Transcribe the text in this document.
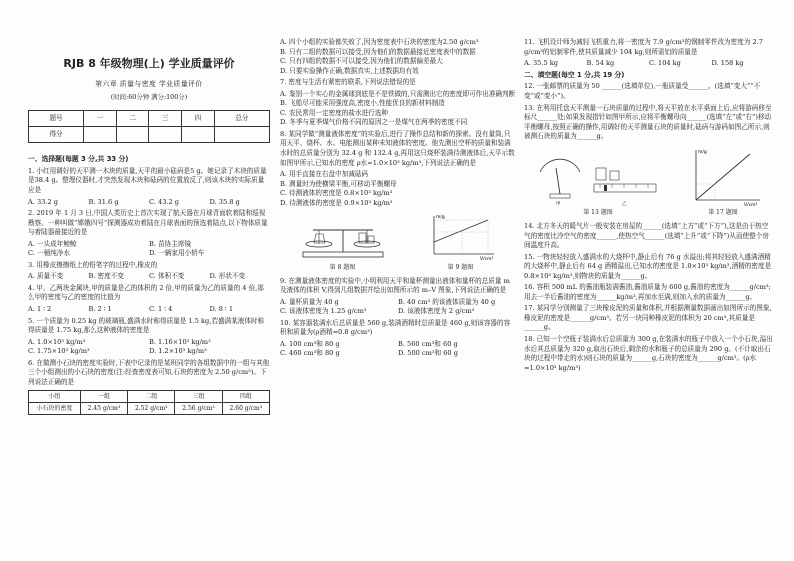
RJB 8 年级物理(上) 学业质量评价
第六章 质量与密度 学业质量评价
(时间:60分钟 满分:100分)
题号	一	二	三	四	总分
得分					
一、选择题(每题 3 分,共 33 分)
1. 小红用调好的天平测一木块的质量,天平的最小砝码是5 g。她记录了木块的质量是38.4 g。整理仪器时,才突然发现木块和砝码的位置放反了,则该木块的实际质量应是
A. 33.2 g	B. 31.6 g	C. 43.2 g	D. 35.8 g
2. 2019 年 1 月 3 日,中国人类历史上首次实现了航天器在月球背面软着陆和巡视勘察。一种叫做“嫦娥四号”探测器成功着陆在月球表面的预选着陆点,以下物体质量与着陆器最接近的是
A. 一头成年鲸鲸	B. 苗协主席镜
C. 一桶纯净水	D. 一辆家用小轿车
3. 用橡皮擦擦纸上的铅笔字的过程中,橡皮的
A. 质量不变	B. 密度不变	C. 体积不变	D. 形状不变
4. 甲、乙两块金属块,甲的质量是乙的体积的 2 倍,甲的质量为乙的质量的 4 倍,那么甲的密度与乙的密度的比值为
A. 1 ∶ 2	B. 2 ∶ 1	C. 1 ∶ 4	D. 8 ∶ 1
5. 一个质量为 0.25 kg 的玻璃瓶,盛满水时称得质量是 1.5 kg,若盛满某液体时称得质量是 1.75 kg,那么这种液体的密度是
A. 1.0×10³ kg/m³	B. 1.16×10³ kg/m³
C. 1.75×10³ kg/m³	D. 1.2×10³ kg/m³
6. 在做测小石块的密度实验时,下表中记录的是某班同学的各组数据中的一组与其他三个小组测出的小石块的密度(注:经查密度表可知,石块的密度为 2.50 g/cm³)。下列说法正确的是
小组	一组	二组	三组	四组
小石块的密度	2.45 g/cm³	2.52 g/cm³	2.56 g/cm³	2.60 g/cm³
A. 四个小组的实验都失败了,因为密度表中石块的密度为2.50 g/cm³
B. 只有二组的数据可以接受,因为他们的数据最接近密度表中的数据
C. 只有四组的数据不可以接受,因为他们的数据偏差最大
D. 只要实验操作正确,数据真实,上述数据均有效
7. 密度与生活有紧密的联系,下列说法错误的是
A. 鉴别一个实心的金属球到底是不是铁做的,只需测出它的密度即可作出准确判断
B. 飞船尽可能采用强度高,密度小,性能优良的新材料制造
C. 农民常用一定密度的盐水进行选种
D. 冬季与夏季煤气价格不同的原因之一是煤气在两季的密度不同
8. 某同学做“测量液体密度”的实验后,进行了操作总结和新的探索。没有量筒,只用天平、烧杯、水、电能测出某种未知液体的密度。他先测出空杯的质量和装满水时的总质量分别为 32.4 g 和 132.4 g,再用这只烧杯装满待测液体后,天平示数如图甲所示,已知水的密度 ρ水=1.0×10³ kg/m³,下列说法正确的是
A. 用手直接在右盘中加减砝码
B. 测量时为使横梁平衡,可移动平衡螺母
C. 待测液体的密度是 0.8×10³ kg/m³
D. 待测液体的密度是 0.9×10³ kg/m³
第 8 题图
m/g
V/cm³
第 9 题图
9. 在测量液体密度的实验中,小明利用天平和量杯测量出液体和量杯的总质量 m 及液体的体积 V,得到几组数据并绘出如图所示的 m–V 图象,下列说法正确的是
A. 量杯质量为 40 g	B. 40 cm³ 的该液体质量为 40 g
C. 该液体密度为 1.25 g/cm³	D. 该液体密度为 2 g/cm³
10. 某容器装满水后总质量是 560 g,装满酒精时总质量是 460 g,则该容器的容积和质量为(ρ酒精=0.8 g/cm³)
A. 100 cm³和 80 g	B. 560 cm³和 60 g
C. 460 cm³和 80 g	D. 500 cm³和 60 g
11. 飞机设计师为减轻飞机重力,将一密度为 7.9 g/cm³的钢制零件改为密度为 2.7 g/cm³的铝制零件,使其质量减少 104 kg,则所需铝的质量是
A. 35.5 kg	B. 54 kg	C. 104 kg	D. 158 kg
二、填空题(每空 1 分,共 19 分)
12. 一张邮票的质量为 50 ______(选填单位),一瓶质量受______。(选填“变大”“不变”或“变小”)。
13. 在利用托盘天平测量一石块质量的过程中,将天平放在水平桌面上后,应将游码移至标尺______处;如果发现指针如图甲所示,应将平衡螺母向______(选填“左”或“右”)移动平衡螺母,按照正确的操作,用调好的天平测量石块的质量时,砝码与游码如图乙所示,则被测石块的质量为______g。
甲	乙
第 13 题图
m/g
V/cm³
第 17 题图
14. 北方冬天的暖气片一般安装在房屋的______(选填“上方”或“下方”),这是由于热空气的密度比冷空气的密度______,使热空气______(选填“上升”或“下降”)从而使整个房间温度升高。
15. 一物块轻轻放入盛满水的大烧杯中,静止后有 76 g 水溢出;将其轻轻放入盛满酒精的大烧杯中,静止后有 64 g 酒精溢出,已知水的密度是 1.0×10³ kg/m³,酒精的密度是 0.8×10³ kg/m³,则物块的质量为______g。
16. 容积 500 mL 的酱油瓶装满酱油,酱油质量为 600 g,酱油的密度为______g/cm³;用去一半后酱油的密度为______kg/m³,再加水至满,则加入水的质量为______g。
17. 某同学分别测量了三块橡皮泥的质量和体积,并根据测量数据画出如图所示的图象,橡皮泥的密度是______g/cm³。若另一块同种橡皮泥的体积为 20 cm³,其质量是______g。
18. 已知一个空瓶子装满水后总质量为 300 g,在装满水的瓶子中放入一个小石块,溢出水后其总质量为 320 g,取出石块后,剩余的水和瓶子的总质量为 290 g。(不计取出石块的过程中带走的水)则石块的质量为______g,石块的密度为______g/cm³。(ρ水=1.0×10³ kg/m³)
